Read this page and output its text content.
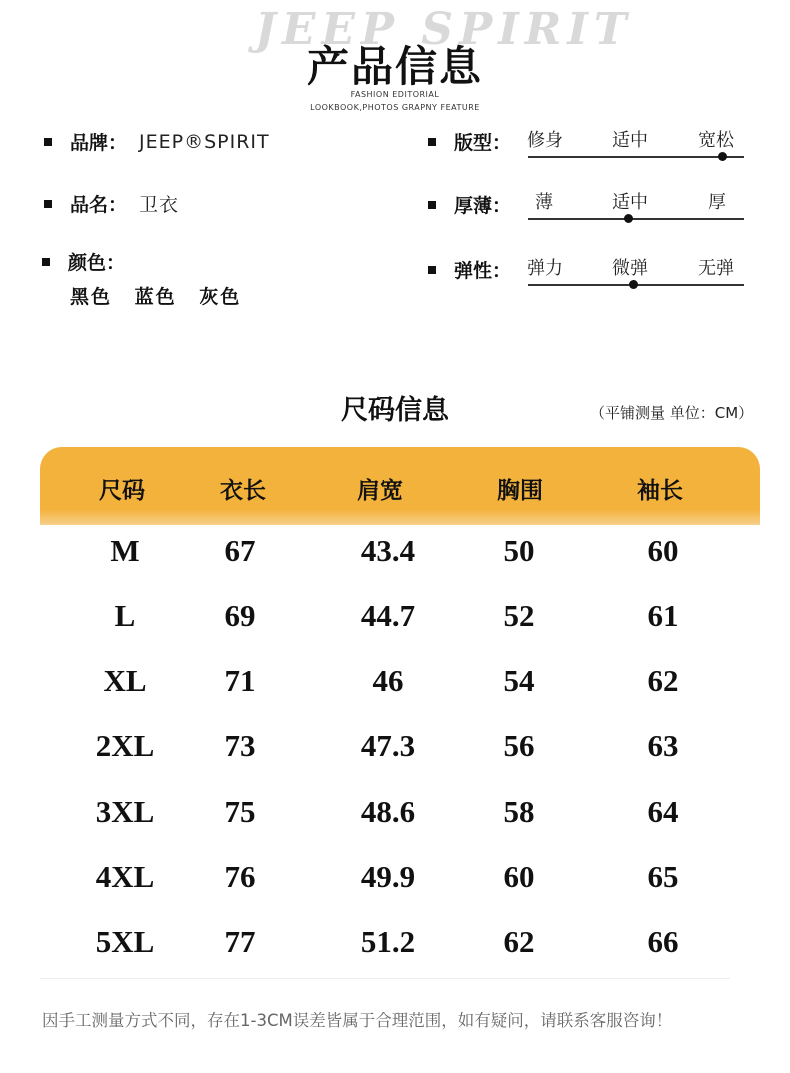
JEEP SPIRIT
产品信息
FASHION EDITORIAL
LOOKBOOK,PHOTOS GRAPNY FEATURE
品牌： JEEP®SPIRIT
品名： 卫衣
颜色：
黑色 蓝色 灰色
版型： 修身	适中	宽松
厚薄： 薄	适中	厚
弹性： 弹力	微弹	无弹
尺码信息	（平铺测量 单位：CM）
尺码	衣长	肩宽	胸围	袖长
M	67	43.4	50	60
L	69	44.7	52	61
XL	71	46	54	62
2XL	73	47.3	56	63
3XL	75	48.6	58	64
4XL	76	49.9	60	65
5XL	77	51.2	62	66
因手工测量方式不同，存在1-3CM误差皆属于合理范围，如有疑问，请联系客服咨询！
